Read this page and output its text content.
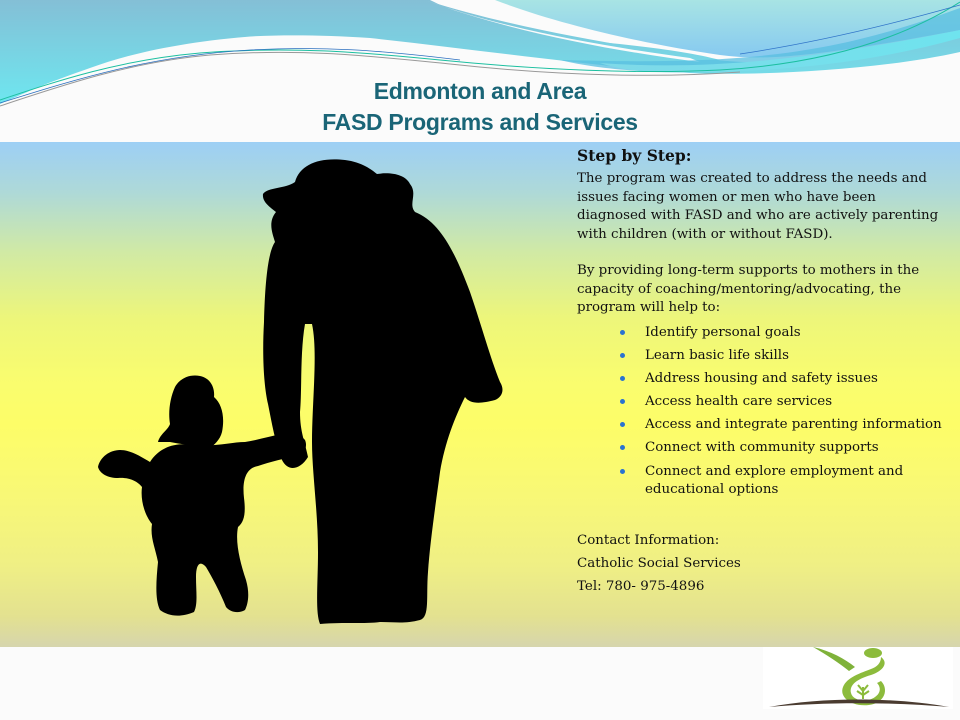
Edmonton and Area
FASD Programs and Services
Step by Step:

The program was created to address the needs and issues facing women or men who have been diagnosed with FASD and who are actively parenting with children (with or without FASD).

By providing long-term supports to mothers in the capacity of coaching/mentoring/advocating, the program will help to:

Identify personal goals
Learn basic life skills
Address housing and safety issues
Access health care services
Access and integrate parenting information
Connect with community supports
Connect and explore employment and educational options
Contact Information:
Catholic Social Services
Tel: 780- 975-4896
